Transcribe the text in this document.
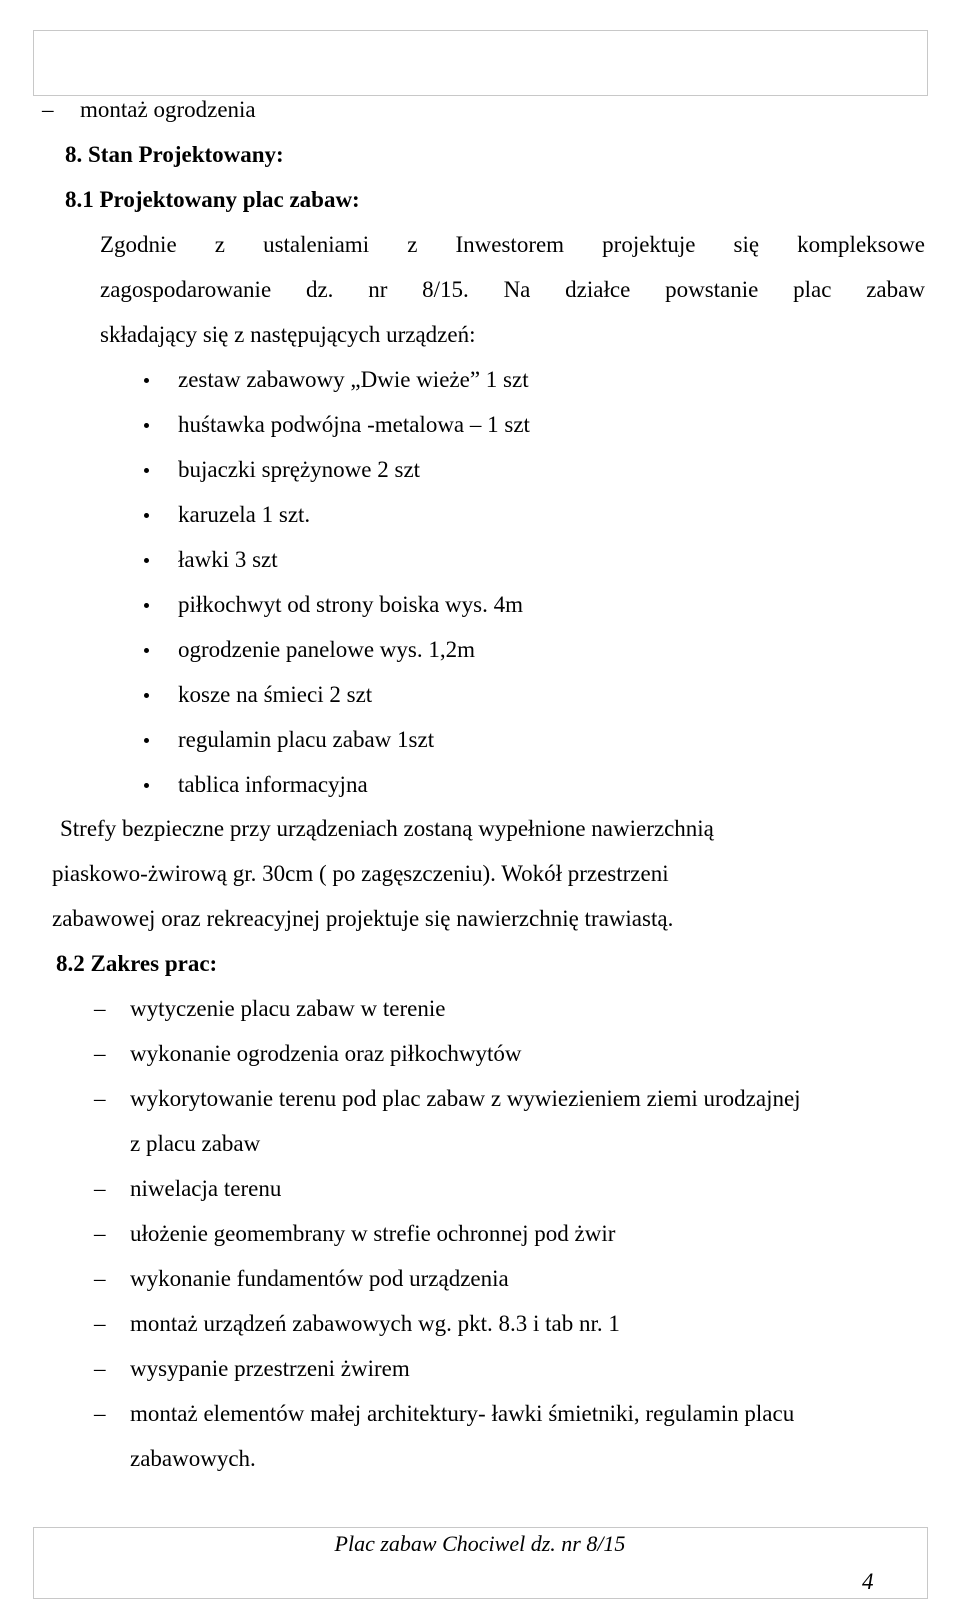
– montaż ogrodzenia
8. Stan Projektowany:
8.1 Projektowany plac zabaw:
Zgodnie z ustaleniami z Inwestorem projektuje się kompleksowe
zagospodarowanie dz. nr 8/15. Na działce powstanie plac zabaw
składający się z następujących urządzeń:
zestaw zabawowy „Dwie wieże” 1 szt
huśtawka podwójna -metalowa – 1 szt
bujaczki sprężynowe 2 szt
karuzela 1 szt.
ławki 3 szt
piłkochwyt od strony boiska wys. 4m
ogrodzenie panelowe wys. 1,2m
kosze na śmieci 2 szt
regulamin placu zabaw 1szt
tablica informacyjna
Strefy bezpieczne przy urządzeniach zostaną wypełnione nawierzchnią
piaskowo-żwirową gr. 30cm ( po zagęszczeniu). Wokół przestrzeni
zabawowej oraz rekreacyjnej projektuje się nawierzchnię trawiastą.
8.2 Zakres prac:
– wytyczenie placu zabaw w terenie
– wykonanie ogrodzenia oraz piłkochwytów
– wykorytowanie terenu pod plac zabaw z wywiezieniem ziemi urodzajnej
z placu zabaw
– niwelacja terenu
– ułożenie geomembrany w strefie ochronnej pod żwir
– wykonanie fundamentów pod urządzenia
– montaż urządzeń zabawowych wg. pkt. 8.3 i tab nr. 1
– wysypanie przestrzeni żwirem
– montaż elementów małej architektury- ławki śmietniki, regulamin placu
zabawowych.
Plac zabaw Chociwel dz. nr 8/15
4
